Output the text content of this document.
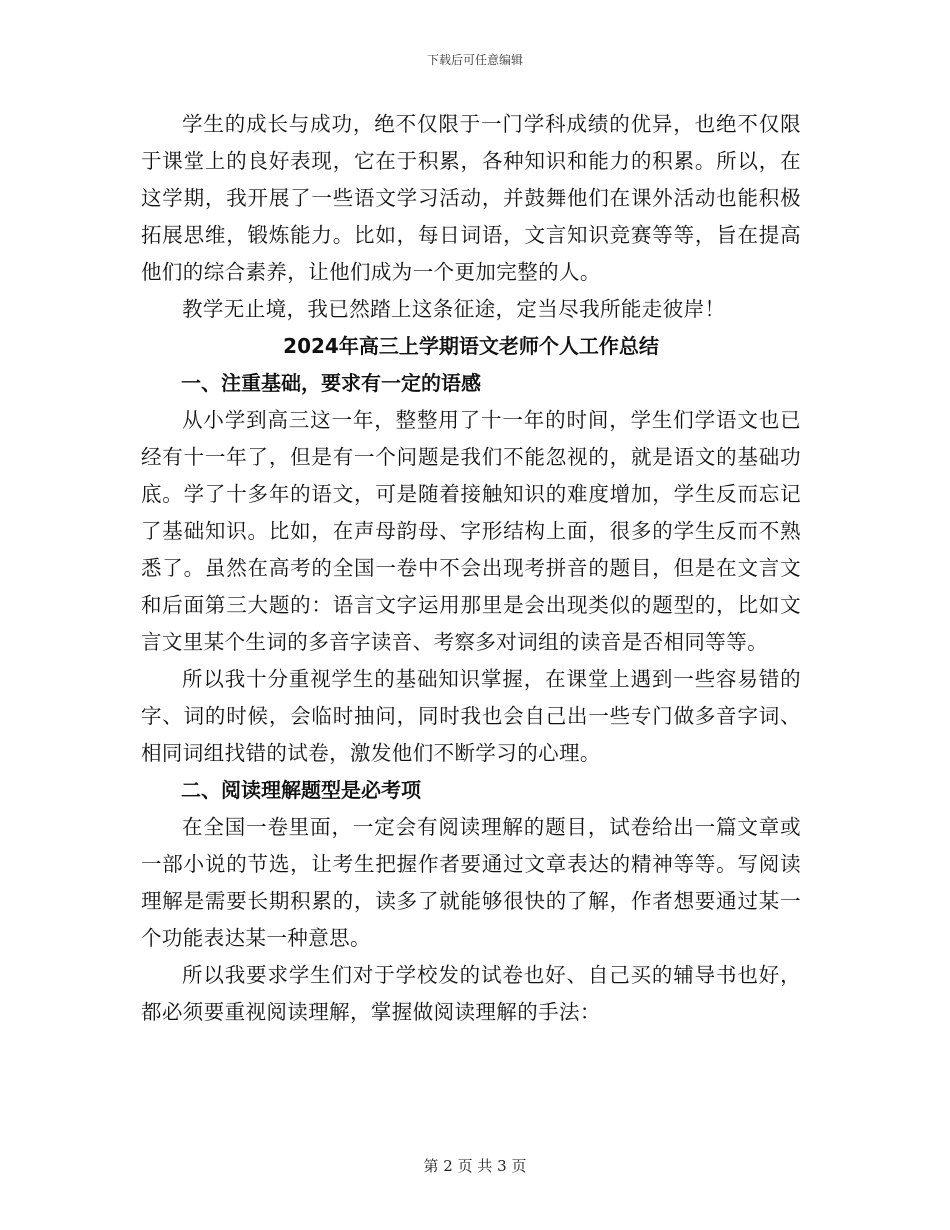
下载后可任意编辑

学生的成长与成功，绝不仅限于一门学科成绩的优异，也绝不仅限于课堂上的良好表现，它在于积累，各种知识和能力的积累。所以，在这学期，我开展了一些语文学习活动，并鼓舞他们在课外活动也能积极拓展思维，锻炼能力。比如，每日词语，文言知识竞赛等等，旨在提高他们的综合素养，让他们成为一个更加完整的人。

教学无止境，我已然踏上这条征途，定当尽我所能走彼岸！

2024年高三上学期语文老师个人工作总结

一、注重基础，要求有一定的语感

从小学到高三这一年，整整用了十一年的时间，学生们学语文也已经有十一年了，但是有一个问题是我们不能忽视的，就是语文的基础功底。学了十多年的语文，可是随着接触知识的难度增加，学生反而忘记了基础知识。比如，在声母韵母、字形结构上面，很多的学生反而不熟悉了。虽然在高考的全国一卷中不会出现考拼音的题目，但是在文言文和后面第三大题的：语言文字运用那里是会出现类似的题型的，比如文言文里某个生词的多音字读音、考察多对词组的读音是否相同等等。

所以我十分重视学生的基础知识掌握，在课堂上遇到一些容易错的字、词的时候，会临时抽问，同时我也会自己出一些专门做多音字词、相同词组找错的试卷，激发他们不断学习的心理。

二、阅读理解题型是必考项

在全国一卷里面，一定会有阅读理解的题目，试卷给出一篇文章或一部小说的节选，让考生把握作者要通过文章表达的精神等等。写阅读理解是需要长期积累的，读多了就能够很快的了解，作者想要通过某一个功能表达某一种意思。

所以我要求学生们对于学校发的试卷也好、自己买的辅导书也好，都必须要重视阅读理解，掌握做阅读理解的手法：

第 2 页 共 3 页
